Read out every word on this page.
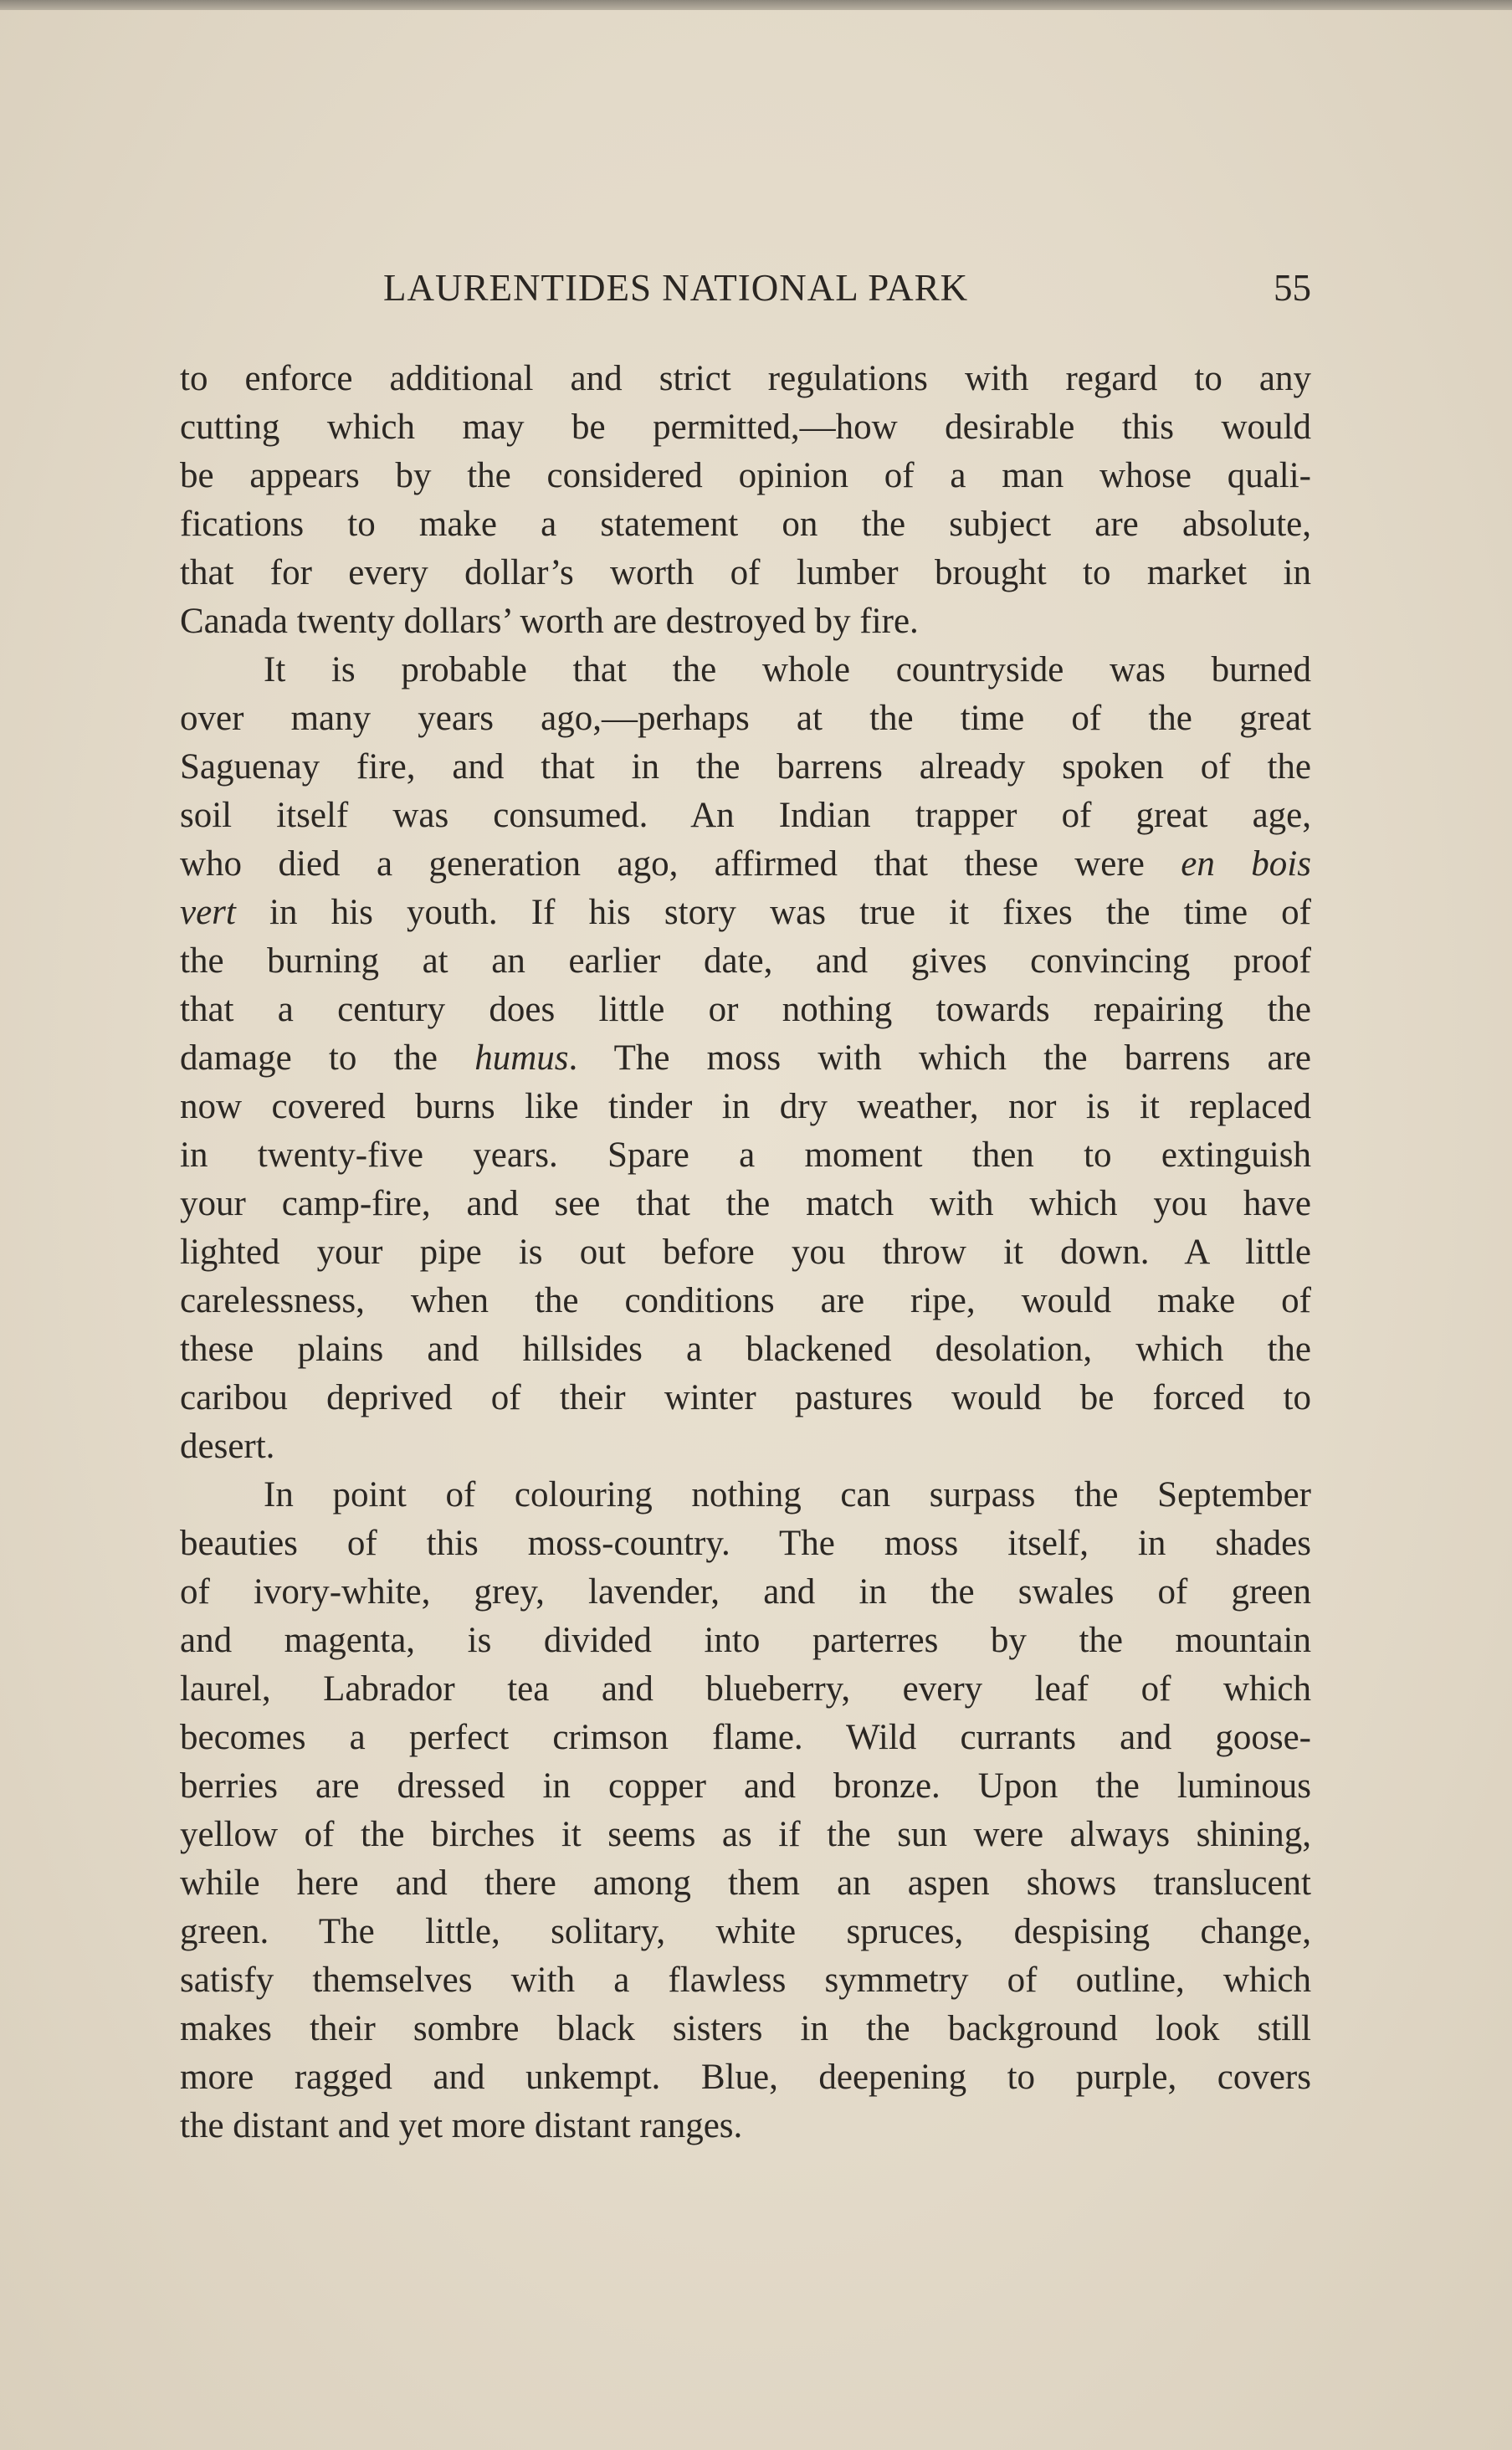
LAURENTIDES NATIONAL PARK	55
to enforce additional and strict regulations with regard to any
cutting which may be permitted,—how desirable this would
be appears by the considered opinion of a man whose quali-
fications to make a statement on the subject are absolute,
that for every dollar’s worth of lumber brought to market in
Canada twenty dollars’ worth are destroyed by fire.
It is probable that the whole countryside was burned
over many years ago,—perhaps at the time of the great
Saguenay fire, and that in the barrens already spoken of the
soil itself was consumed. An Indian trapper of great age,
who died a generation ago, affirmed that these were en bois
vert in his youth. If his story was true it fixes the time of
the burning at an earlier date, and gives convincing proof
that a century does little or nothing towards repairing the
damage to the humus. The moss with which the barrens are
now covered burns like tinder in dry weather, nor is it replaced
in twenty-five years. Spare a moment then to extinguish
your camp-fire, and see that the match with which you have
lighted your pipe is out before you throw it down. A little
carelessness, when the conditions are ripe, would make of
these plains and hillsides a blackened desolation, which the
caribou deprived of their winter pastures would be forced to
desert.
In point of colouring nothing can surpass the September
beauties of this moss-country. The moss itself, in shades
of ivory-white, grey, lavender, and in the swales of green
and magenta, is divided into parterres by the mountain
laurel, Labrador tea and blueberry, every leaf of which
becomes a perfect crimson flame. Wild currants and goose-
berries are dressed in copper and bronze. Upon the luminous
yellow of the birches it seems as if the sun were always shining,
while here and there among them an aspen shows translucent
green. The little, solitary, white spruces, despising change,
satisfy themselves with a flawless symmetry of outline, which
makes their sombre black sisters in the background look still
more ragged and unkempt. Blue, deepening to purple, covers
the distant and yet more distant ranges.
